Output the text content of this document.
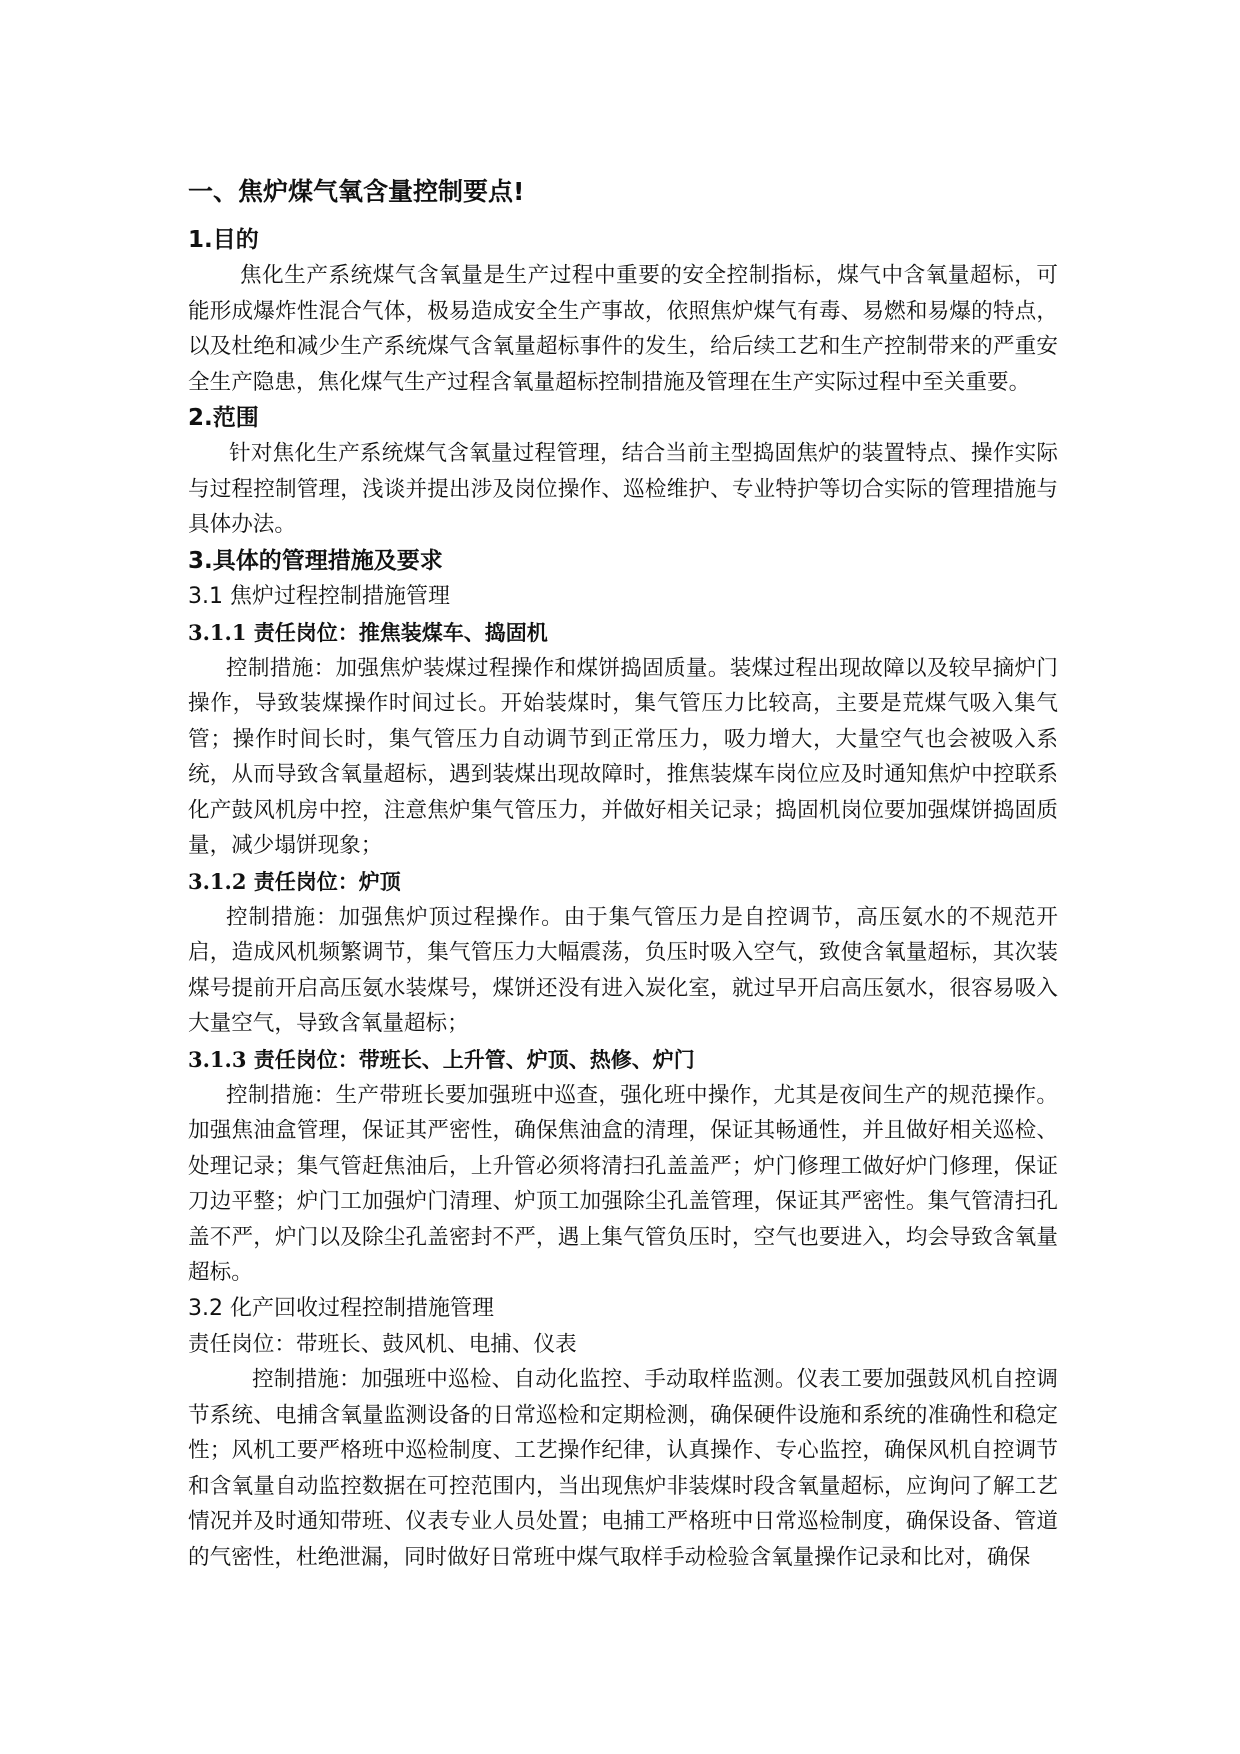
一、焦炉煤气氧含量控制要点!
1.目的

焦化生产系统煤气含氧量是生产过程中重要的安全控制指标，煤气中含氧量超标，可能形成爆炸性混合气体，极易造成安全生产事故，依照焦炉煤气有毒、易燃和易爆的特点，以及杜绝和减少生产系统煤气含氧量超标事件的发生，给后续工艺和生产控制带来的严重安全生产隐患，焦化煤气生产过程含氧量超标控制措施及管理在生产实际过程中至关重要。

2.范围

针对焦化生产系统煤气含氧量过程管理，结合当前主型捣固焦炉的装置特点、操作实际与过程控制管理，浅谈并提出涉及岗位操作、巡检维护、专业特护等切合实际的管理措施与具体办法。

3.具体的管理措施及要求
3.1 焦炉过程控制措施管理
3.1.1 责任岗位：推焦装煤车、捣固机

控制措施：加强焦炉装煤过程操作和煤饼捣固质量。装煤过程出现故障以及较早摘炉门操作，导致装煤操作时间过长。开始装煤时，集气管压力比较高，主要是荒煤气吸入集气管；操作时间长时，集气管压力自动调节到正常压力，吸力增大，大量空气也会被吸入系统，从而导致含氧量超标，遇到装煤出现故障时，推焦装煤车岗位应及时通知焦炉中控联系化产鼓风机房中控，注意焦炉集气管压力，并做好相关记录；捣固机岗位要加强煤饼捣固质量，减少塌饼现象；

3.1.2 责任岗位：炉顶

控制措施：加强焦炉顶过程操作。由于集气管压力是自控调节，高压氨水的不规范开启，造成风机频繁调节，集气管压力大幅震荡，负压时吸入空气，致使含氧量超标，其次装煤号提前开启高压氨水装煤号，煤饼还没有进入炭化室，就过早开启高压氨水，很容易吸入大量空气，导致含氧量超标；

3.1.3 责任岗位：带班长、上升管、炉顶、热修、炉门

控制措施：生产带班长要加强班中巡查，强化班中操作，尤其是夜间生产的规范操作。加强焦油盒管理，保证其严密性，确保焦油盒的清理，保证其畅通性，并且做好相关巡检、处理记录；集气管赶焦油后，上升管必须将清扫孔盖盖严；炉门修理工做好炉门修理，保证刀边平整；炉门工加强炉门清理、炉顶工加强除尘孔盖管理，保证其严密性。集气管清扫孔盖不严，炉门以及除尘孔盖密封不严，遇上集气管负压时，空气也要进入，均会导致含氧量超标。

3.2 化产回收过程控制措施管理

责任岗位：带班长、鼓风机、电捕、仪表

控制措施：加强班中巡检、自动化监控、手动取样监测。仪表工要加强鼓风机自控调节系统、电捕含氧量监测设备的日常巡检和定期检测，确保硬件设施和系统的准确性和稳定性；风机工要严格班中巡检制度、工艺操作纪律，认真操作、专心监控，确保风机自控调节和含氧量自动监控数据在可控范围内，当出现焦炉非装煤时段含氧量超标，应询问了解工艺情况并及时通知带班、仪表专业人员处置；电捕工严格班中日常巡检制度，确保设备、管道的气密性，杜绝泄漏，同时做好日常班中煤气取样手动检验含氧量操作记录和比对，确保
